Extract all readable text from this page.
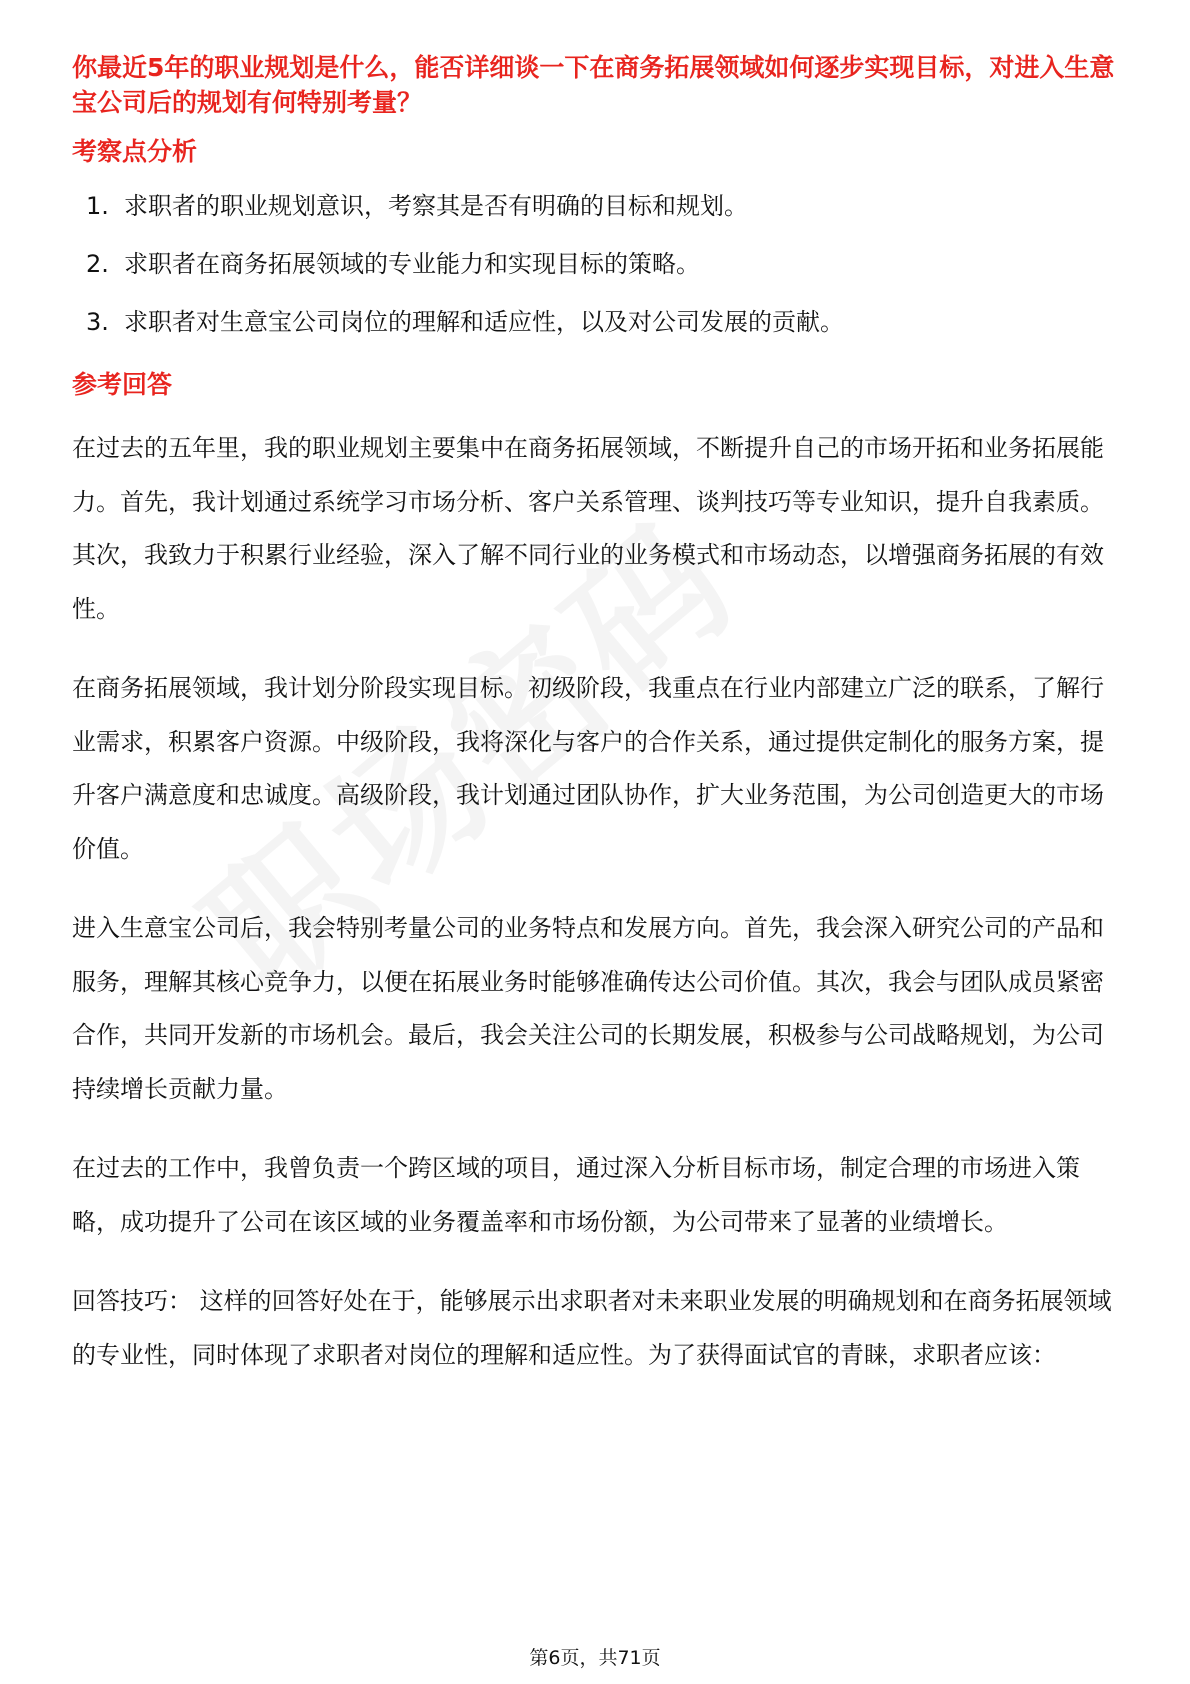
你最近5年的职业规划是什么，能否详细谈一下在商务拓展领域如何逐步实现目标，对进入生意宝公司后的规划有何特别考量？

考察点分析
1. 求职者的职业规划意识，考察其是否有明确的目标和规划。
2. 求职者在商务拓展领域的专业能力和实现目标的策略。
3. 求职者对生意宝公司岗位的理解和适应性，以及对公司发展的贡献。
参考回答

在过去的五年里，我的职业规划主要集中在商务拓展领域，不断提升自己的市场开拓和业务拓展能力。首先，我计划通过系统学习市场分析、客户关系管理、谈判技巧等专业知识，提升自我素质。其次，我致力于积累行业经验，深入了解不同行业的业务模式和市场动态，以增强商务拓展的有效性。

在商务拓展领域，我计划分阶段实现目标。初级阶段，我重点在行业内部建立广泛的联系，了解行业需求，积累客户资源。中级阶段，我将深化与客户的合作关系，通过提供定制化的服务方案，提升客户满意度和忠诚度。高级阶段，我计划通过团队协作，扩大业务范围，为公司创造更大的市场价值。

进入生意宝公司后，我会特别考量公司的业务特点和发展方向。首先，我会深入研究公司的产品和服务，理解其核心竞争力，以便在拓展业务时能够准确传达公司价值。其次，我会与团队成员紧密合作，共同开发新的市场机会。最后，我会关注公司的长期发展，积极参与公司战略规划，为公司持续增长贡献力量。

在过去的工作中，我曾负责一个跨区域的项目，通过深入分析目标市场，制定合理的市场进入策略，成功提升了公司在该区域的业务覆盖率和市场份额，为公司带来了显著的业绩增长。

回答技巧： 这样的回答好处在于，能够展示出求职者对未来职业发展的明确规划和在商务拓展领域的专业性，同时体现了求职者对岗位的理解和适应性。为了获得面试官的青睐，求职者应该：

第6页，共71页
